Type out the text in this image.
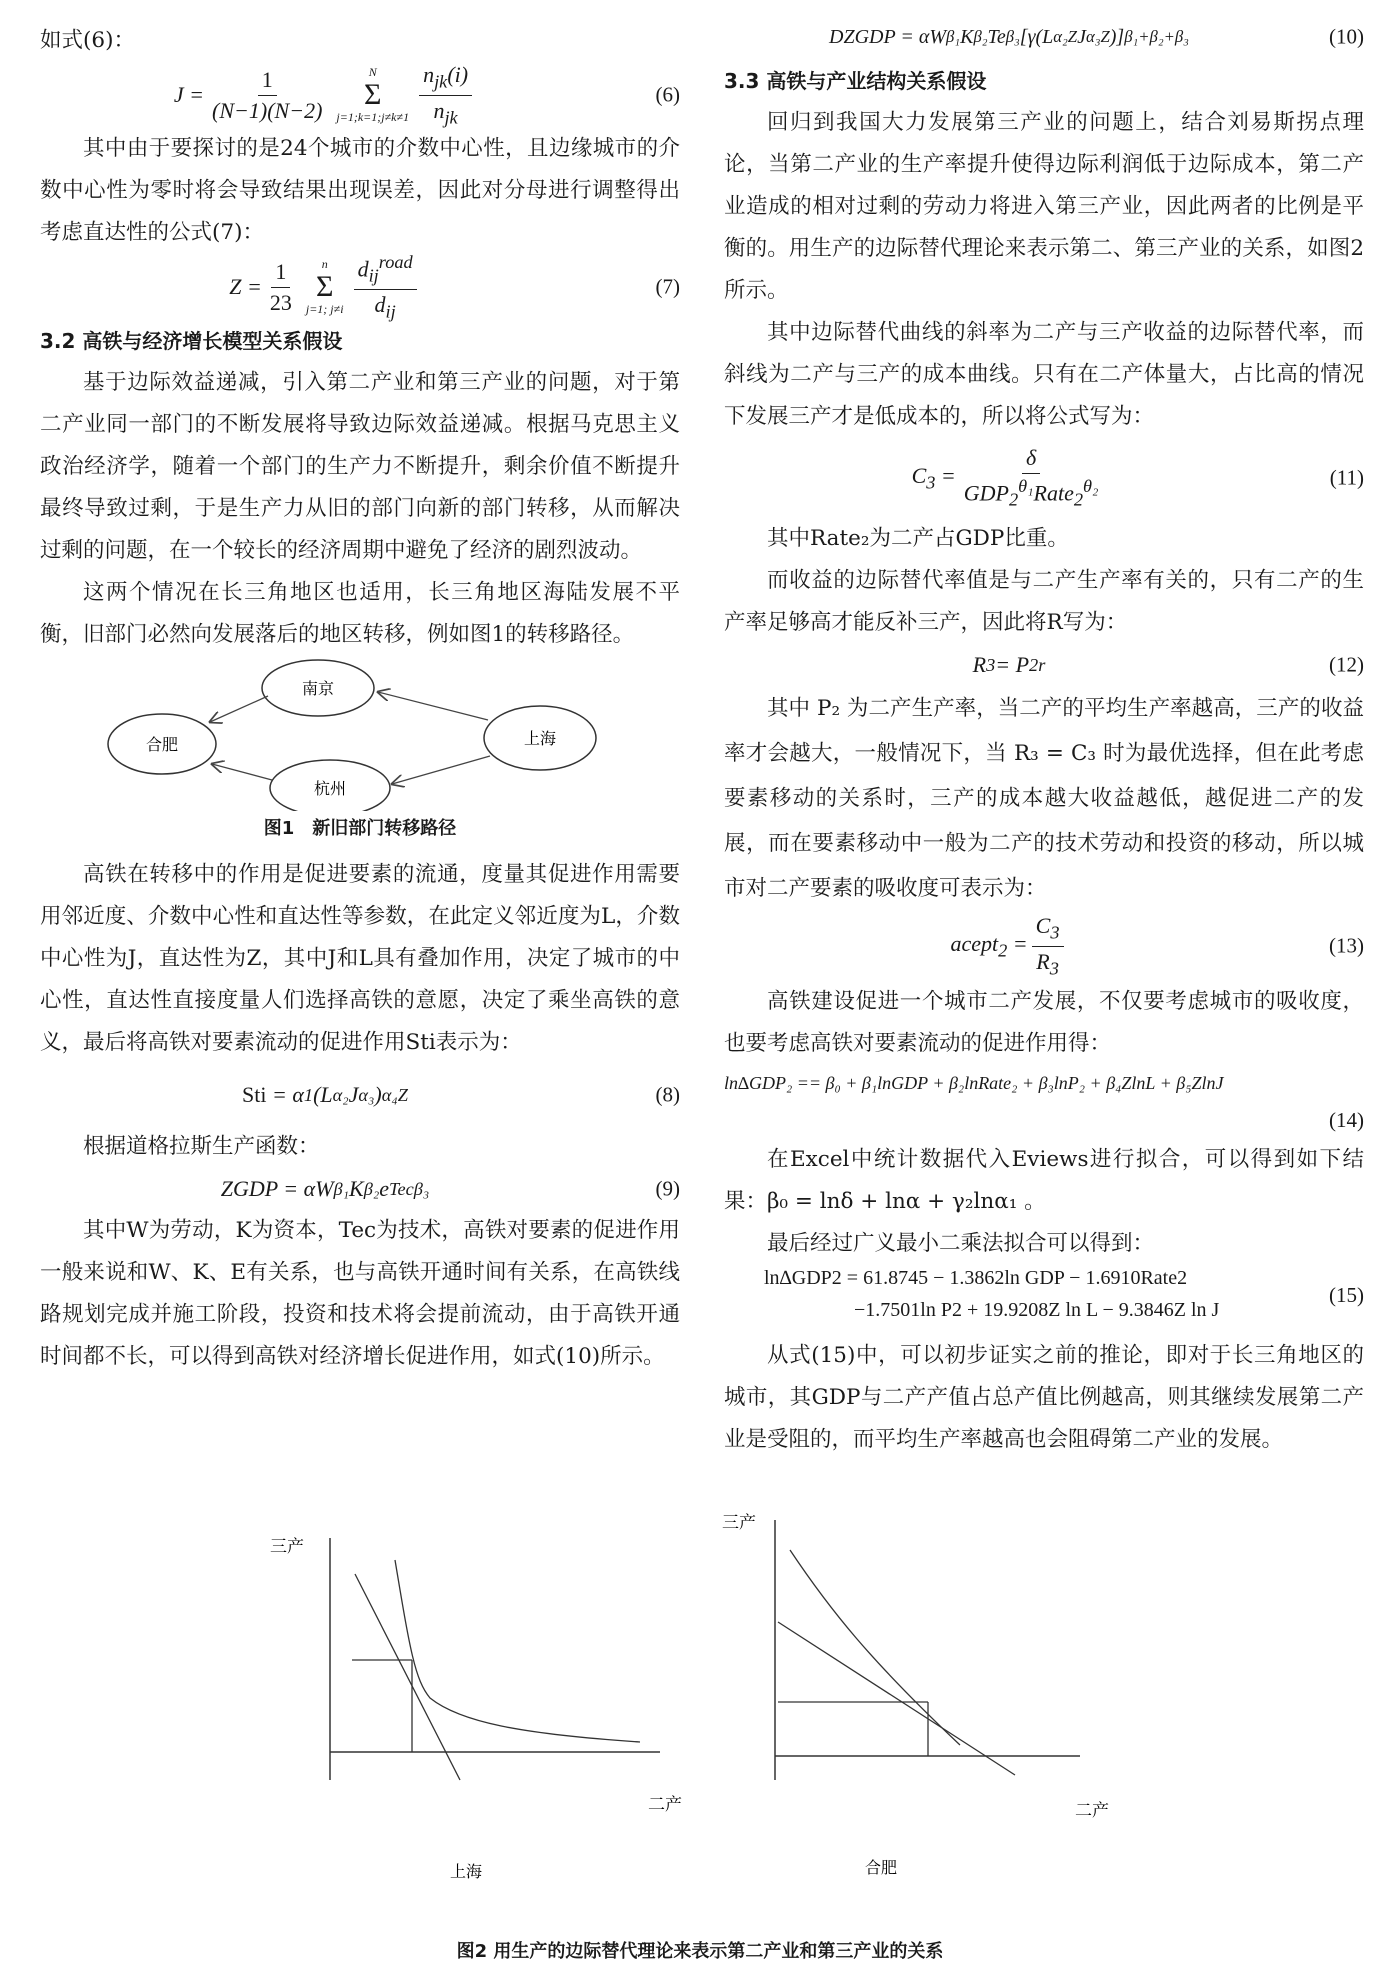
如式(6)：

$J = \frac{1}{(N-1)(N-2)}$	N
Σ
j=1;k=1;j≠k≠1 $\frac{n_{jk}(i)}{n_{jk}}$	(6)

其中由于要探讨的是24个城市的介数中心性，且边缘城市的介数中心性为零时将会导致结果出现误差，因此对分母进行调整得出考虑直达性的公式(7)：

$Z = \frac{1}{23}$ n
Σ
j=1; $j\ne i \frac{d_{ij}^{road}}{d_{ij}}$	(7)
3.2 高铁与经济增长模型关系假设

基于边际效益递减，引入第二产业和第三产业的问题，对于第二产业同一部门的不断发展将导致边际效益递减。根据马克思主义政治经济学，随着一个部门的生产力不断提升，剩余价值不断提升最终导致过剩，于是生产力从旧的部门向新的部门转移，从而解决过剩的问题，在一个较长的经济周期中避免了经济的剧烈波动。

这两个情况在长三角地区也适用，长三角地区海陆发展不平衡，旧部门必然向发展落后的地区转移，例如图1的转移路径。

南京
合肥	上海
杭州
图1　新旧部门转移路径

高铁在转移中的作用是促进要素的流通，度量其促进作用需要用邻近度、介数中心性和直达性等参数，在此定义邻近度为L，介数中心性为J，直达性为Z，其中J和L具有叠加作用，决定了城市的中心性，直达性直接度量人们选择高铁的意愿，决定了乘坐高铁的意义，最后将高铁对要素流动的促进作用Sti表示为：

Sti = α 1 (L α₂ J α₃ ) α₄Z	(8)

根据道格拉斯生产函数：

ZGDP = αW β₁ K β₂ e Tecβ₃	(9)

其中W为劳动，K为资本，Tec为技术，高铁对要素的促进作用一般来说和W、K、E有关系，也与高铁开通时间有关系，在高铁线路规划完成并施工阶段，投资和技术将会提前流动，由于高铁开通时间都不长，可以得到高铁对经济增长促进作用，如式(10)所示。

DZGDP = αW β₁ K β₂ Te β₃ [γ(L α₂Z J α₃Z )] β₁+β₂+β₃	(10)
3.3 高铁与产业结构关系假设

回归到我国大力发展第三产业的问题上，结合刘易斯拐点理论，当第二产业的生产率提升使得边际利润低于边际成本，第二产业造成的相对过剩的劳动力将进入第三产业，因此两者的比例是平衡的。用生产的边际替代理论来表示第二、第三产业的关系，如图2所示。

其中边际替代曲线的斜率为二产与三产收益的边际替代率，而斜线为二产与三产的成本曲线。只有在二产体量大，占比高的情况下发展三产才是低成本的，所以将公式写为：

$C_3 = \frac{\delta}{GDP_2^{\theta_1}Rate_2^{\theta_2}}$	(11)

其中Rate₂为二产占GDP比重。

而收益的边际替代率值是与二产生产率有关的，只有二产的生产率足够高才能反补三产，因此将R写为：

R 3 = P 2 r	(12)

其中 P₂ 为二产生产率，当二产的平均生产率越高，三产的收益率才会越大，一般情况下，当 R₃ = C₃ 时为最优选择，但在此考虑要素移动的关系时，三产的成本越大收益越低，越促进二产的发展，而在要素移动中一般为二产的技术劳动和投资的移动，所以城市对二产要素的吸收度可表示为：

acept$_2$ = $\frac{C_3}{R_3}$	(13)

高铁建设促进一个城市二产发展，不仅要考虑城市的吸收度，也要考虑高铁对要素流动的促进作用得：

ln∆GDP₂ == β₀ + β₁lnGDP + β₂lnRate₂ + β₃lnP₂ + β₄ZlnL + β₅ZlnJ
(14)

在Excel中统计数据代入Eviews进行拟合，可以得到如下结果：β₀ = lnδ + lnα + γ₂lnα₁ 。

最后经过广义最小二乘法拟合可以得到：

ln∆GDP2 = 61.8745 − 1.3862ln GDP − 1.6910Rate2
−1.7501ln P2 + 19.9208Z ln L − 9.3846Z ln J
(15)

从式(15)中，可以初步证实之前的推论，即对于长三角地区的城市，其GDP与二产产值占总产值比例越高，则其继续发展第二产业是受阻的，而平均生产率越高也会阻碍第二产业的发展。

三产
二产
上海
三产
二产
合肥
图2 用生产的边际替代理论来表示第二产业和第三产业的关系
